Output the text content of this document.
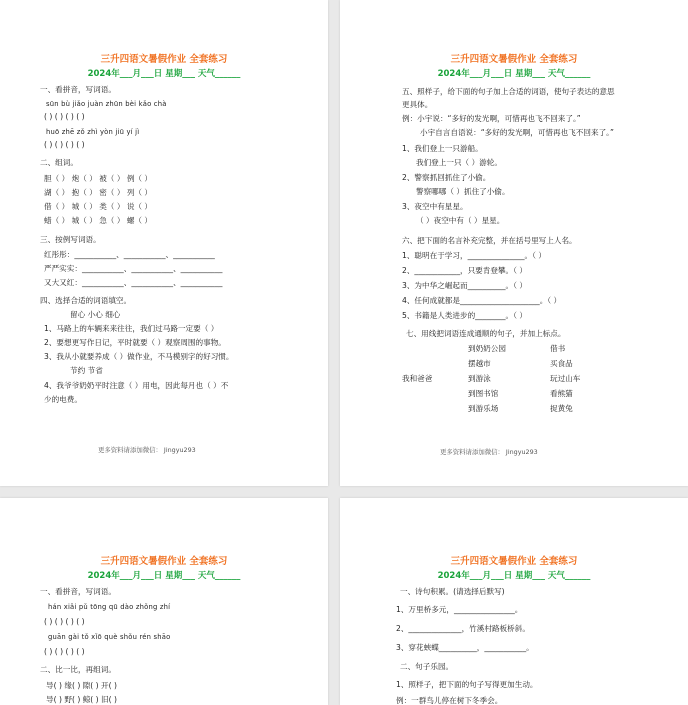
三升四语文暑假作业 全套练习
2024年___月___日 星期___ 天气______
一、看拼音，写词语。
sūn bù jiǎo juàn zhūn bèi kǎo chà
( ) ( ) ( ) ( )
huō zhē zǒ zhì yòn jiū yí jì
( ) ( ) ( ) ( )
二、组词。
胆（ ） 炮（ ） 被（ ） 例（ ）
湖（ ） 抱（ ） 密（ ） 列（ ）
借（ ） 城（ ） 类（ ） 说（ ）
蜡（ ） 城（ ） 急（ ） 螺（ ）
三、按例写词语。
红彤彤：___________、___________、___________
严严实实：___________、___________、___________
又大又红：___________、___________、___________
四、选择合适的词语填空。
留心 小心 细心
1、马路上的车辆来来往往，我们过马路一定要（ ）
2、要想更写作日记，平时就要（ ）观察周围的事物。
3、我从小就要养成（ ）做作业，不马模别字的好习惯。
节约 节省
4、我爷爷奶奶平时注意（ ）用电，因此每月也（ ）不
少的电费。
更多资料请添加微信： Jingyu293
三升四语文暑假作业 全套练习
2024年___月___日 星期___ 天气______
五、照样子，给下面的句子加上合适的词语，使句子表达的意思
更具体。
例：小宇说：“多好的发光啊，可惜再也飞不回来了。”
小宇自言自语说：“多好的发光啊，可惜再也飞不回来了。”
1、我们登上一只游船。
我们登上一只（ ）游轮。
2、警察抓回抓住了小偷。
警察哪哪（ ）抓住了小偷。
3、夜空中有星星。
（ ）夜空中有（ ）星星。
六、把下面的名言补充完整，并在括号里写上人名。
1、聪明在于学习，_______________。（ ）
2、____________，只要肯登攀。（ ）
3、为中华之崛起而__________。（ ）
4、任何成就都是_____________________。（ ）
5、书籍是人类进步的________。（ ）
七、用线把词语连成通顺的句子，并加上标点。
到奶奶公园
摆越市
到游泳
到图书馆
到游乐场
我和爸爸
借书
买食品
玩过山车
看熊猫
捉黄兔
更多资料请添加微信： Jingyu293
三升四语文暑假作业 全套练习
2024年___月___日 星期___ 天气______
一、看拼音，写词语。
hán xiǎi pǔ tōng qū dào zhǒng zhí
( ) ( ) ( ) ( )
guān gài tǒ xǐō què shǒu rén shāo
( ) ( ) ( ) ( )
二、比一比，再组词。
导( ) 缘( ) 隙( ) 开( )
导( ) 野( ) 鲸( ) 旧( )
三升四语文暑假作业 全套练习
2024年___月___日 星期___ 天气______
一、诗句积累。(请选择后默写)
1、万里桥多元，________________。
2、______________，竹溪村路板桥斜。
3、穿花蛱蝶__________，___________。
二、句子乐园。
1、照样子，把下面的句子写得更加生动。
例：一群鸟儿停在树下冬季会。
